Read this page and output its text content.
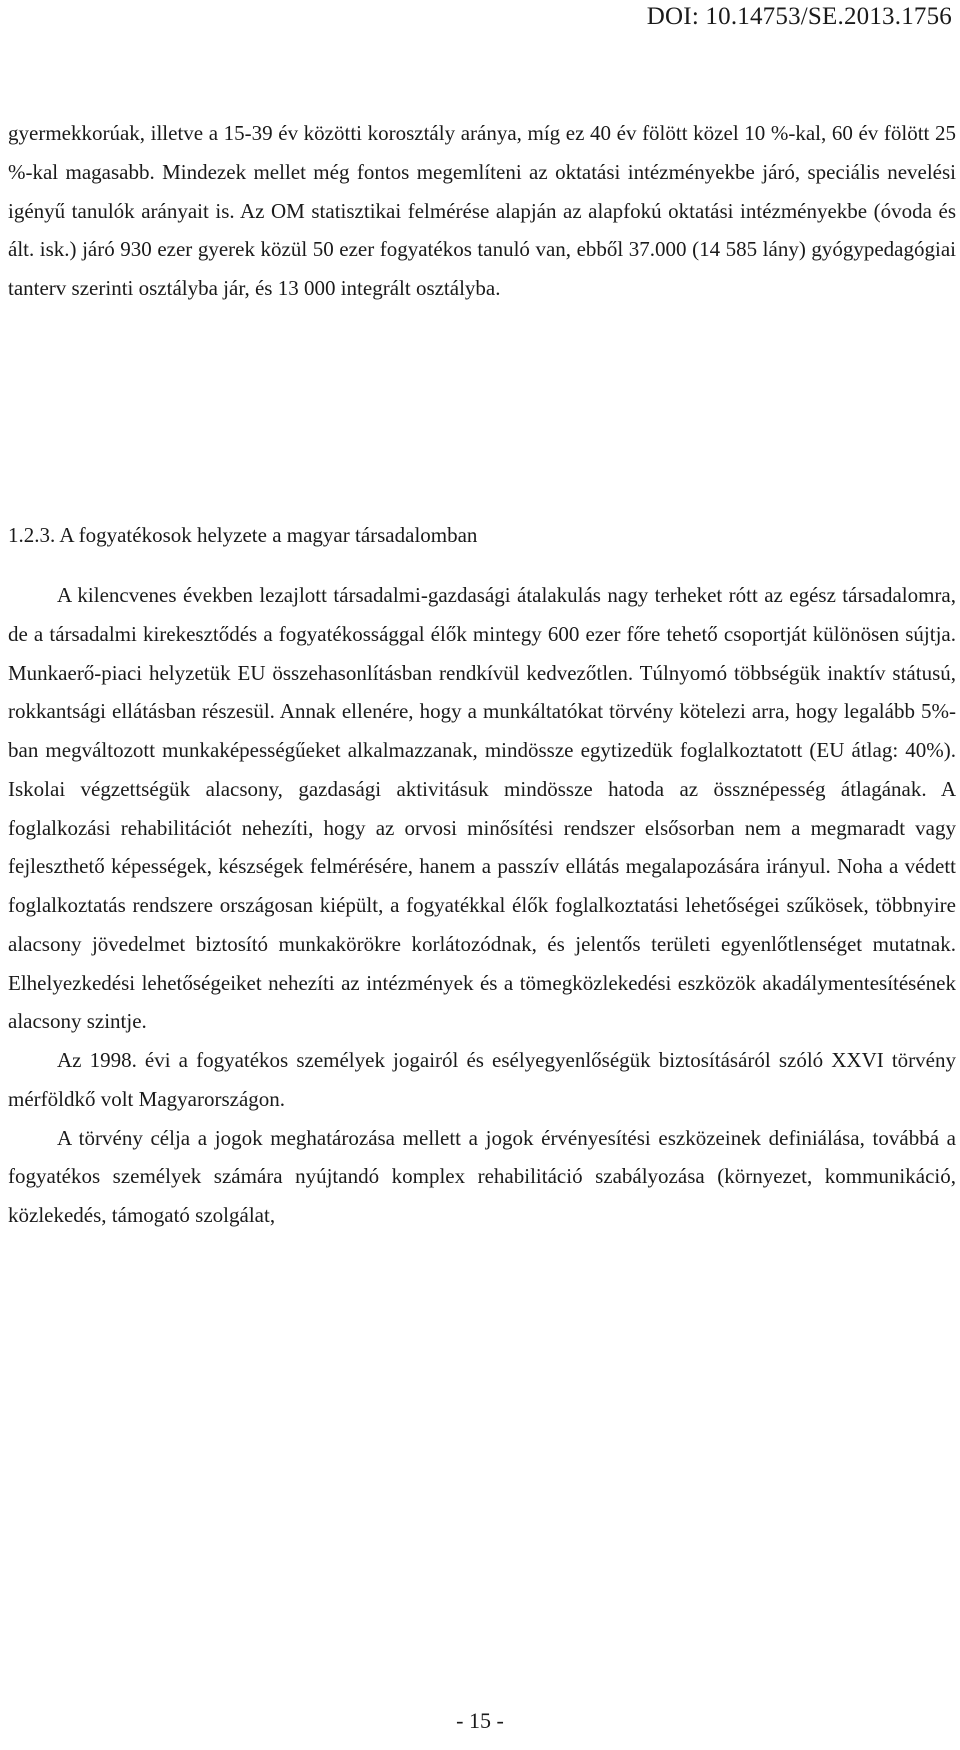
DOI: 10.14753/SE.2013.1756
gyermekkorúak, illetve a 15-39 év közötti korosztály aránya, míg ez 40 év fölött közel 10 %-kal, 60 év fölött 25 %-kal magasabb. Mindezek mellet még fontos megemlíteni az oktatási intézményekbe járó, speciális nevelési igényű tanulók arányait is. Az OM statisztikai felmérése alapján az alapfokú oktatási intézményekbe (óvoda és ált. isk.) járó 930 ezer gyerek közül 50 ezer fogyatékos tanuló van, ebből 37.000 (14 585 lány) gyógypedagógiai tanterv szerinti osztályba jár, és 13 000 integrált osztályba.
1.2.3. A fogyatékosok helyzete a magyar társadalomban

A kilencvenes években lezajlott társadalmi-gazdasági átalakulás nagy terheket rótt az egész társadalomra, de a társadalmi kirekesztődés a fogyatékossággal élők mintegy 600 ezer főre tehető csoportját különösen sújtja. Munkaerő-piaci helyzetük EU összehasonlításban rendkívül kedvezőtlen. Túlnyomó többségük inaktív státusú, rokkantsági ellátásban részesül. Annak ellenére, hogy a munkáltatókat törvény kötelezi arra, hogy legalább 5%-ban megváltozott munkaképességűeket alkalmazzanak, mindössze egytizedük foglalkoztatott (EU átlag: 40%). Iskolai végzettségük alacsony, gazdasági aktivitásuk mindössze hatoda az össznépesség átlagának. A foglalkozási rehabilitációt nehezíti, hogy az orvosi minősítési rendszer elsősorban nem a megmaradt vagy fejleszthető képességek, készségek felmérésére, hanem a passzív ellátás megalapozására irányul. Noha a védett foglalkoztatás rendszere országosan kiépült, a fogyatékkal élők foglalkoztatási lehetőségei szűkösek, többnyire alacsony jövedelmet biztosító munkakörökre korlátozódnak, és jelentős területi egyenlőtlenséget mutatnak. Elhelyezkedési lehetőségeiket nehezíti az intézmények és a tömegközlekedési eszközök akadálymentesítésének alacsony szintje.

Az 1998. évi a fogyatékos személyek jogairól és esélyegyenlőségük biztosításáról szóló XXVI törvény mérföldkő volt Magyarországon.

A törvény célja a jogok meghatározása mellett a jogok érvényesítési eszközeinek definiálása, továbbá a fogyatékos személyek számára nyújtandó komplex rehabilitáció szabályozása (környezet, kommunikáció, közlekedés, támogató szolgálat,

- 15 -
